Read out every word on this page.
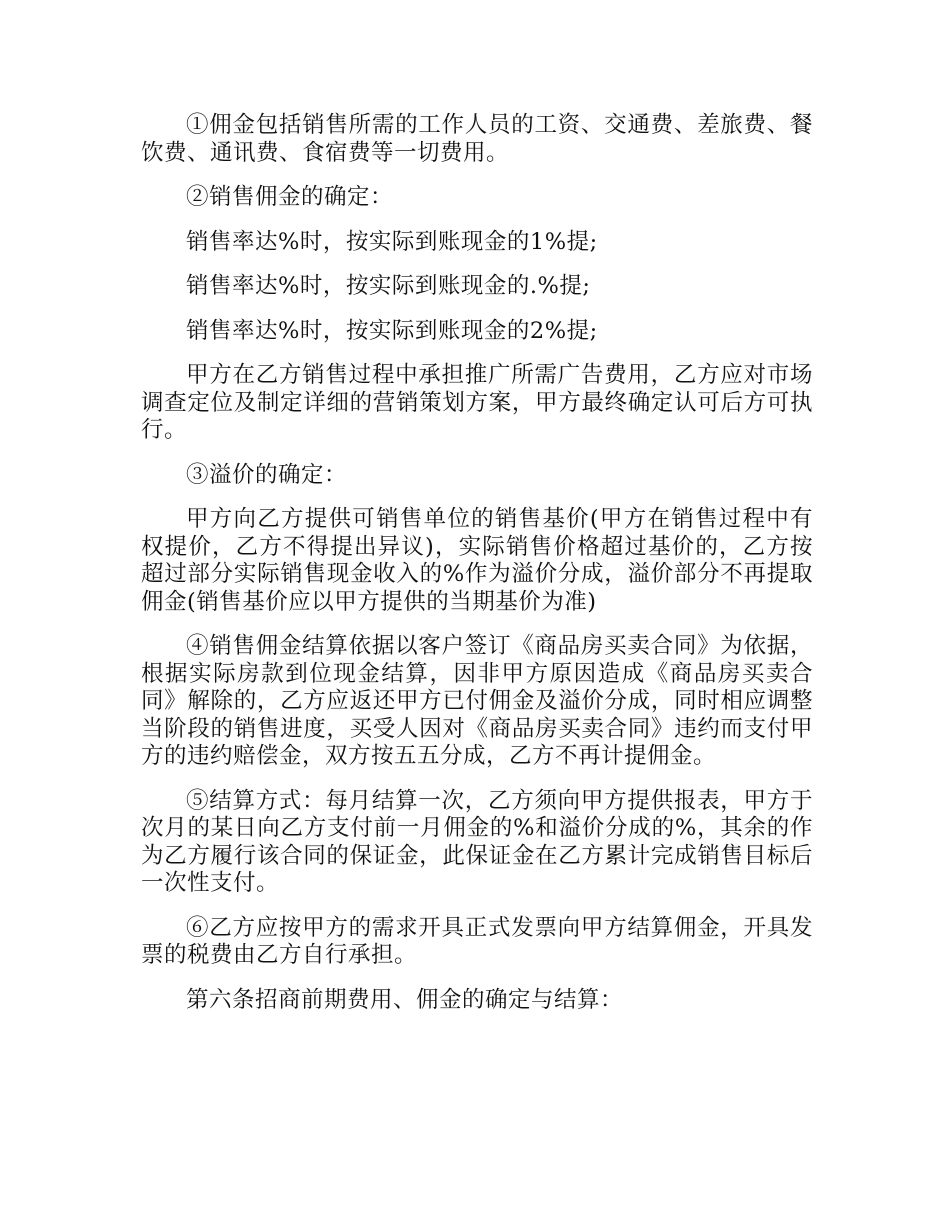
①佣金包括销售所需的工作人员的工资、交通费、差旅费、餐饮费、通讯费、食宿费等一切费用。

②销售佣金的确定：

销售率达%时，按实际到账现金的1%提;

销售率达%时，按实际到账现金的.%提;

销售率达%时，按实际到账现金的2%提;

甲方在乙方销售过程中承担推广所需广告费用，乙方应对市场调查定位及制定详细的营销策划方案，甲方最终确定认可后方可执行。

③溢价的确定：

甲方向乙方提供可销售单位的销售基价(甲方在销售过程中有权提价，乙方不得提出异议)，实际销售价格超过基价的，乙方按超过部分实际销售现金收入的%作为溢价分成，溢价部分不再提取佣金(销售基价应以甲方提供的当期基价为准)

④销售佣金结算依据以客户签订《商品房买卖合同》为依据，根据实际房款到位现金结算，因非甲方原因造成《商品房买卖合同》解除的，乙方应返还甲方已付佣金及溢价分成，同时相应调整当阶段的销售进度，买受人因对《商品房买卖合同》违约而支付甲方的违约赔偿金，双方按五五分成，乙方不再计提佣金。

⑤结算方式：每月结算一次，乙方须向甲方提供报表，甲方于次月的某日向乙方支付前一月佣金的%和溢价分成的%，其余的作为乙方履行该合同的保证金，此保证金在乙方累计完成销售目标后一次性支付。

⑥乙方应按甲方的需求开具正式发票向甲方结算佣金，开具发票的税费由乙方自行承担。

第六条招商前期费用、佣金的确定与结算：
